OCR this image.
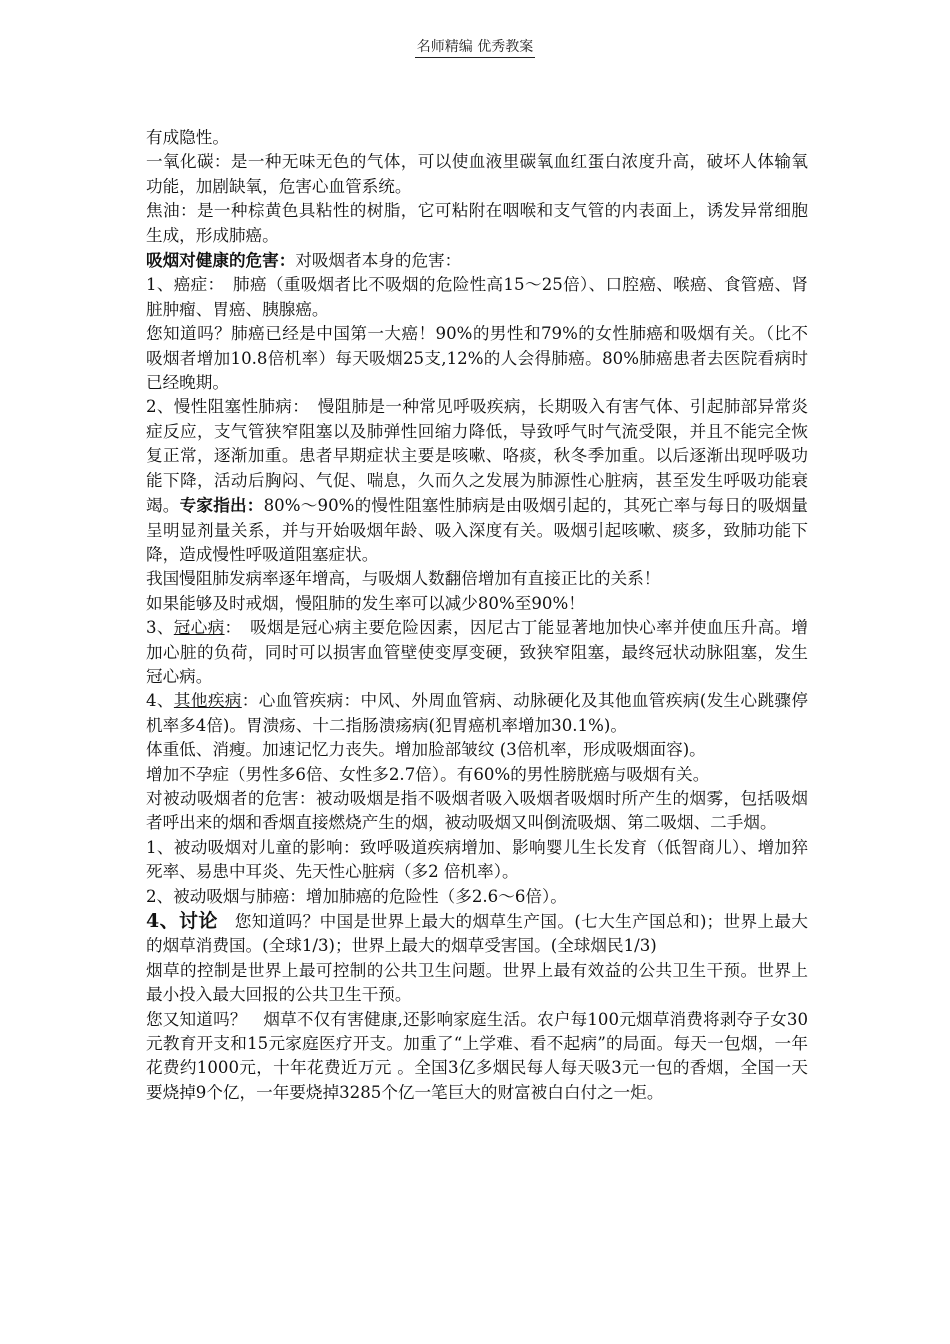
名师精编 优秀教案

有成隐性。

一氧化碳：是一种无味无色的气体，可以使血液里碳氧血红蛋白浓度升高，破坏人体输氧功能，加剧缺氧，危害心血管系统。

焦油：是一种棕黄色具粘性的树脂，它可粘附在咽喉和支气管的内表面上，诱发异常细胞生成，形成肺癌。

吸烟对健康的危害：对吸烟者本身的危害：

1、癌症：　肺癌（重吸烟者比不吸烟的危险性高15～25倍）、口腔癌、喉癌、食管癌、肾脏肿瘤、胃癌、胰腺癌。

您知道吗？肺癌已经是中国第一大癌！90%的男性和79%的女性肺癌和吸烟有关。（比不吸烟者增加10.8倍机率）每天吸烟25支,12%的人会得肺癌。80%肺癌患者去医院看病时已经晚期。

2、慢性阻塞性肺病：　慢阻肺是一种常见呼吸疾病，长期吸入有害气体、引起肺部异常炎症反应，支气管狭窄阻塞以及肺弹性回缩力降低，导致呼气时气流受限，并且不能完全恢复正常，逐渐加重。患者早期症状主要是咳嗽、咯痰，秋冬季加重。以后逐渐出现呼吸功能下降，活动后胸闷、气促、喘息，久而久之发展为肺源性心脏病，甚至发生呼吸功能衰竭。专家指出：80%～90%的慢性阻塞性肺病是由吸烟引起的，其死亡率与每日的吸烟量呈明显剂量关系，并与开始吸烟年龄、吸入深度有关。吸烟引起咳嗽、痰多，致肺功能下降，造成慢性呼吸道阻塞症状。

我国慢阻肺发病率逐年增高，与吸烟人数翻倍增加有直接正比的关系！

如果能够及时戒烟，慢阻肺的发生率可以减少80%至90%！

3、冠心病：　吸烟是冠心病主要危险因素，因尼古丁能显著地加快心率并使血压升高。增加心脏的负荷，同时可以损害血管壁使变厚变硬，致狭窄阻塞，最终冠状动脉阻塞，发生冠心病。

4、其他疾病：心血管疾病：中风、外周血管病、动脉硬化及其他血管疾病(发生心跳骤停机率多4倍)。胃溃疡、十二指肠溃疡病(犯胃癌机率增加30.1%)。

体重低、消瘦。加速记忆力丧失。增加脸部皱纹 (3倍机率，形成吸烟面容)。

增加不孕症（男性多6倍、女性多2.7倍）。有60%的男性膀胱癌与吸烟有关。

对被动吸烟者的危害：被动吸烟是指不吸烟者吸入吸烟者吸烟时所产生的烟雾，包括吸烟者呼出来的烟和香烟直接燃烧产生的烟，被动吸烟又叫倒流吸烟、第二吸烟、二手烟。

1、被动吸烟对儿童的影响：致呼吸道疾病增加、影响婴儿生长发育（低智商儿）、增加猝死率、易患中耳炎、先天性心脏病（多2 倍机率）。

2、被动吸烟与肺癌：增加肺癌的危险性（多2.6～6倍）。

4、讨论　您知道吗？中国是世界上最大的烟草生产国。(七大生产国总和)；世界上最大的烟草消费国。(全球1/3)；世界上最大的烟草受害国。(全球烟民1/3)

烟草的控制是世界上最可控制的公共卫生问题。世界上最有效益的公共卫生干预。世界上最小投入最大回报的公共卫生干预。

您又知道吗？　烟草不仅有害健康,还影响家庭生活。农户每100元烟草消费将剥夺子女30元教育开支和15元家庭医疗开支。加重了“上学难、看不起病”的局面。每天一包烟，一年花费约1000元，十年花费近万元 。全国3亿多烟民每人每天吸3元一包的香烟，全国一天要烧掉9个亿，一年要烧掉3285个亿一笔巨大的财富被白白付之一炬。
